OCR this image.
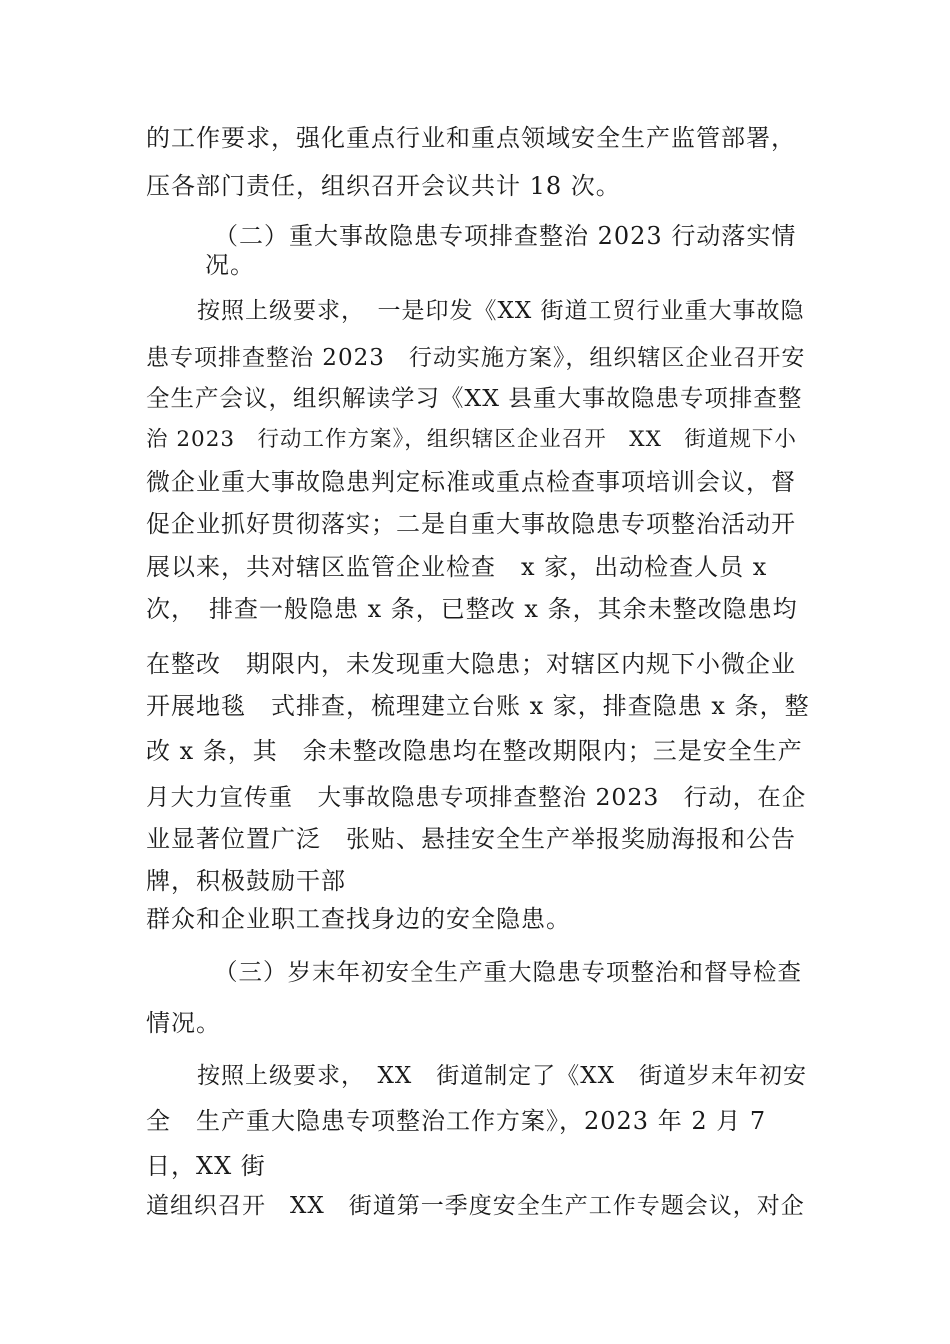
的工作要求，强化重点行业和重点领域安全生产监管部署，
压各部门责任，组织召开会议共计 18 次。
（二）重大事故隐患专项排查整治 2023 行动落实情
况。
按照上级要求，　一是印发《XX 街道工贸行业重大事故隐
患专项排查整治 2023　行动实施方案》，组织辖区企业召开安
全生产会议，组织解读学习《XX 县重大事故隐患专项排查整
治 2023　行动工作方案》，组织辖区企业召开　XX　街道规下小
微企业重大事故隐患判定标准或重点检查事项培训会议，督
促企业抓好贯彻落实；二是自重大事故隐患专项整治活动开
展以来，共对辖区监管企业检查　x 家，出动检查人员 x
次，　排查一般隐患 x 条，已整改 x 条，其余未整改隐患均
在整改　期限内，未发现重大隐患；对辖区内规下小微企业
开展地毯　式排查，梳理建立台账 x 家，排查隐患 x 条，整
改 x 条，其　余未整改隐患均在整改期限内；三是安全生产
月大力宣传重　大事故隐患专项排查整治 2023　行动，在企
业显著位置广泛　张贴、悬挂安全生产举报奖励海报和公告
牌，积极鼓励干部
群众和企业职工查找身边的安全隐患。
（三）岁末年初安全生产重大隐患专项整治和督导检查
情况。
按照上级要求，　XX　街道制定了《XX　街道岁末年初安
全　生产重大隐患专项整治工作方案》，2023 年 2 月 7
日，XX 街
道组织召开　XX　街道第一季度安全生产工作专题会议，对企
